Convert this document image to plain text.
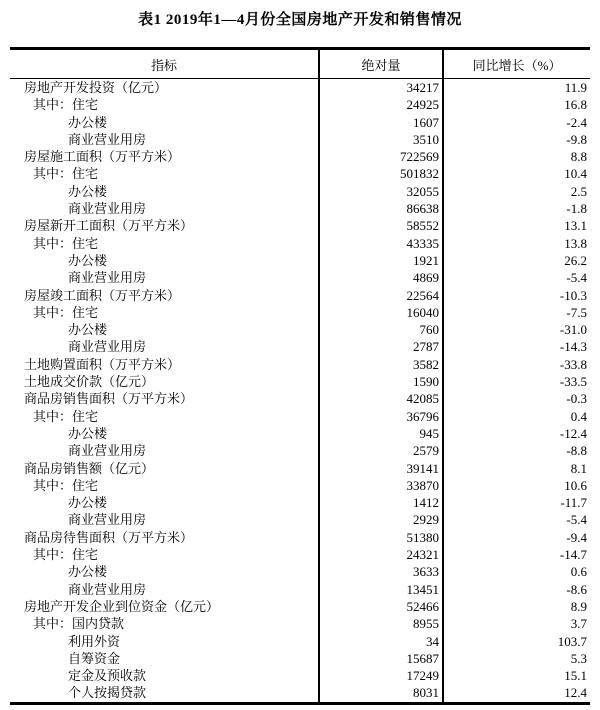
表1 2019年1—4月份全国房地产开发和销售情况
指标	绝对量	同比增长（%）
房地产开发投资（亿元）	34217	11.9
其中：住宅	24925	16.8
办公楼	1607	-2.4
商业营业用房	3510	-9.8
房屋施工面积（万平方米）	722569	8.8
其中：住宅	501832	10.4
办公楼	32055	2.5
商业营业用房	86638	-1.8
房屋新开工面积（万平方米）	58552	13.1
其中：住宅	43335	13.8
办公楼	1921	26.2
商业营业用房	4869	-5.4
房屋竣工面积（万平方米）	22564	-10.3
其中：住宅	16040	-7.5
办公楼	760	-31.0
商业营业用房	2787	-14.3
土地购置面积（万平方米）	3582	-33.8
土地成交价款（亿元）	1590	-33.5
商品房销售面积（万平方米）	42085	-0.3
其中：住宅	36796	0.4
办公楼	945	-12.4
商业营业用房	2579	-8.8
商品房销售额（亿元）	39141	8.1
其中：住宅	33870	10.6
办公楼	1412	-11.7
商业营业用房	2929	-5.4
商品房待售面积（万平方米）	51380	-9.4
其中：住宅	24321	-14.7
办公楼	3633	0.6
商业营业用房	13451	-8.6
房地产开发企业到位资金（亿元）	52466	8.9
其中：国内贷款	8955	3.7
利用外资	34	103.7
自筹资金	15687	5.3
定金及预收款	17249	15.1
个人按揭贷款	8031	12.4
